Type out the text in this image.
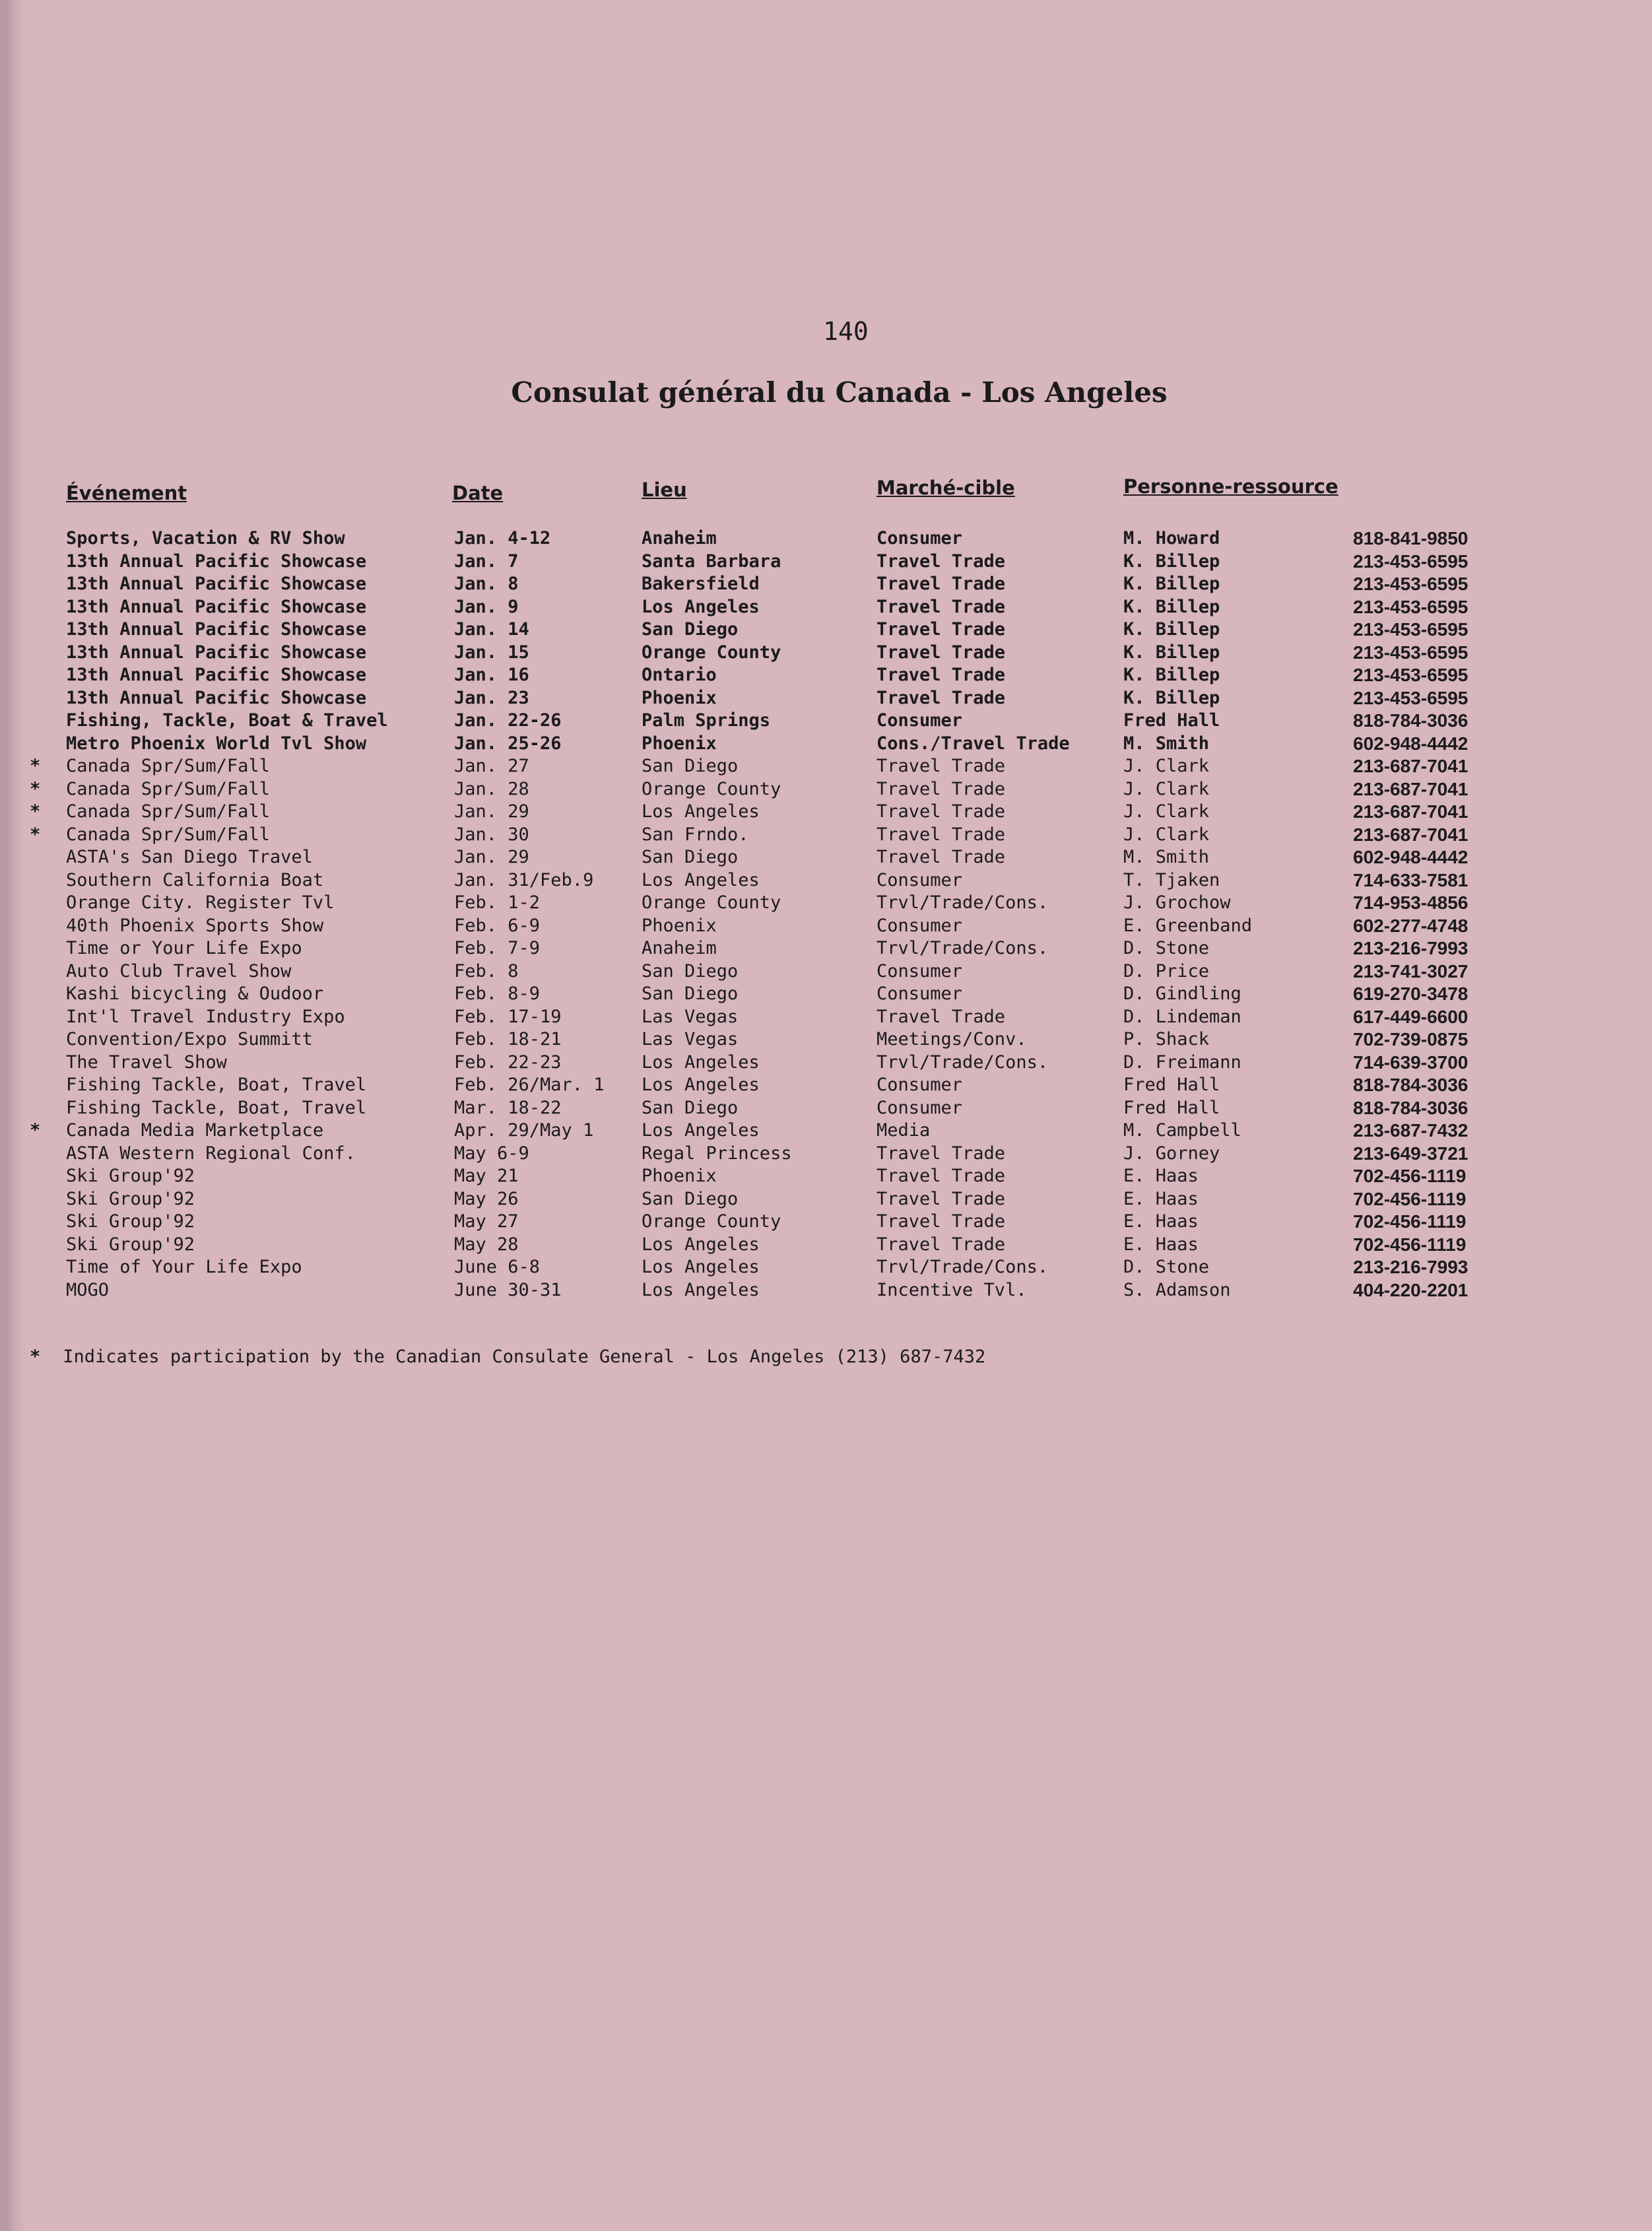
140
Consulat général du Canada - Los Angeles
Événement	Date	Lieu	Marché-cible	Personne-ressource
Sports, Vacation & RV Show	Jan. 4-12	Anaheim	Consumer	M. Howard	818-841-9850
13th Annual Pacific Showcase	Jan. 7	Santa Barbara	Travel Trade	K. Billep	213-453-6595
13th Annual Pacific Showcase	Jan. 8	Bakersfield	Travel Trade	K. Billep	213-453-6595
13th Annual Pacific Showcase	Jan. 9	Los Angeles	Travel Trade	K. Billep	213-453-6595
13th Annual Pacific Showcase	Jan. 14	San Diego	Travel Trade	K. Billep	213-453-6595
13th Annual Pacific Showcase	Jan. 15	Orange County	Travel Trade	K. Billep	213-453-6595
13th Annual Pacific Showcase	Jan. 16	Ontario	Travel Trade	K. Billep	213-453-6595
13th Annual Pacific Showcase	Jan. 23	Phoenix	Travel Trade	K. Billep	213-453-6595
Fishing, Tackle, Boat & Travel	Jan. 22-26	Palm Springs	Consumer	Fred Hall	818-784-3036
Metro Phoenix World Tvl Show	Jan. 25-26	Phoenix	Cons./Travel Trade	M. Smith	602-948-4442
* Canada Spr/Sum/Fall	Jan. 27	San Diego	Travel Trade	J. Clark	213-687-7041
* Canada Spr/Sum/Fall	Jan. 28	Orange County	Travel Trade	J. Clark	213-687-7041
* Canada Spr/Sum/Fall	Jan. 29	Los Angeles	Travel Trade	J. Clark	213-687-7041
* Canada Spr/Sum/Fall	Jan. 30	San Frndo.	Travel Trade	J. Clark	213-687-7041
ASTA's San Diego Travel	Jan. 29	San Diego	Travel Trade	M. Smith	602-948-4442
Southern California Boat	Jan. 31/Feb.9	Los Angeles	Consumer	T. Tjaken	714-633-7581
Orange City. Register Tvl	Feb. 1-2	Orange County	Trvl/Trade/Cons.	J. Grochow	714-953-4856
40th Phoenix Sports Show	Feb. 6-9	Phoenix	Consumer	E. Greenband	602-277-4748
Time or Your Life Expo	Feb. 7-9	Anaheim	Trvl/Trade/Cons.	D. Stone	213-216-7993
Auto Club Travel Show	Feb. 8	San Diego	Consumer	D. Price	213-741-3027
Kashi bicycling & Oudoor	Feb. 8-9	San Diego	Consumer	D. Gindling	619-270-3478
Int'l Travel Industry Expo	Feb. 17-19	Las Vegas	Travel Trade	D. Lindeman	617-449-6600
Convention/Expo Summitt	Feb. 18-21	Las Vegas	Meetings/Conv.	P. Shack	702-739-0875
The Travel Show	Feb. 22-23	Los Angeles	Trvl/Trade/Cons.	D. Freimann	714-639-3700
Fishing Tackle, Boat, Travel	Feb. 26/Mar. 1 Los Angeles	Consumer	Fred Hall	818-784-3036
Fishing Tackle, Boat, Travel	Mar. 18-22	San Diego	Consumer	Fred Hall	818-784-3036
* Canada Media Marketplace	Apr. 29/May 1	Los Angeles	Media	M. Campbell	213-687-7432
ASTA Western Regional Conf.	May 6-9	Regal Princess	Travel Trade	J. Gorney	213-649-3721
Ski Group'92	May 21	Phoenix	Travel Trade	E. Haas	702-456-1119
Ski Group'92	May 26	San Diego	Travel Trade	E. Haas	702-456-1119
Ski Group'92	May 27	Orange County	Travel Trade	E. Haas	702-456-1119
Ski Group'92	May 28	Los Angeles	Travel Trade	E. Haas	702-456-1119
Time of Your Life Expo	June 6-8	Los Angeles	Trvl/Trade/Cons.	D. Stone	213-216-7993
MOGO	June 30-31	Los Angeles	Incentive Tvl.	S. Adamson	404-220-2201
* Indicates participation by the Canadian Consulate General - Los Angeles (213) 687-7432
